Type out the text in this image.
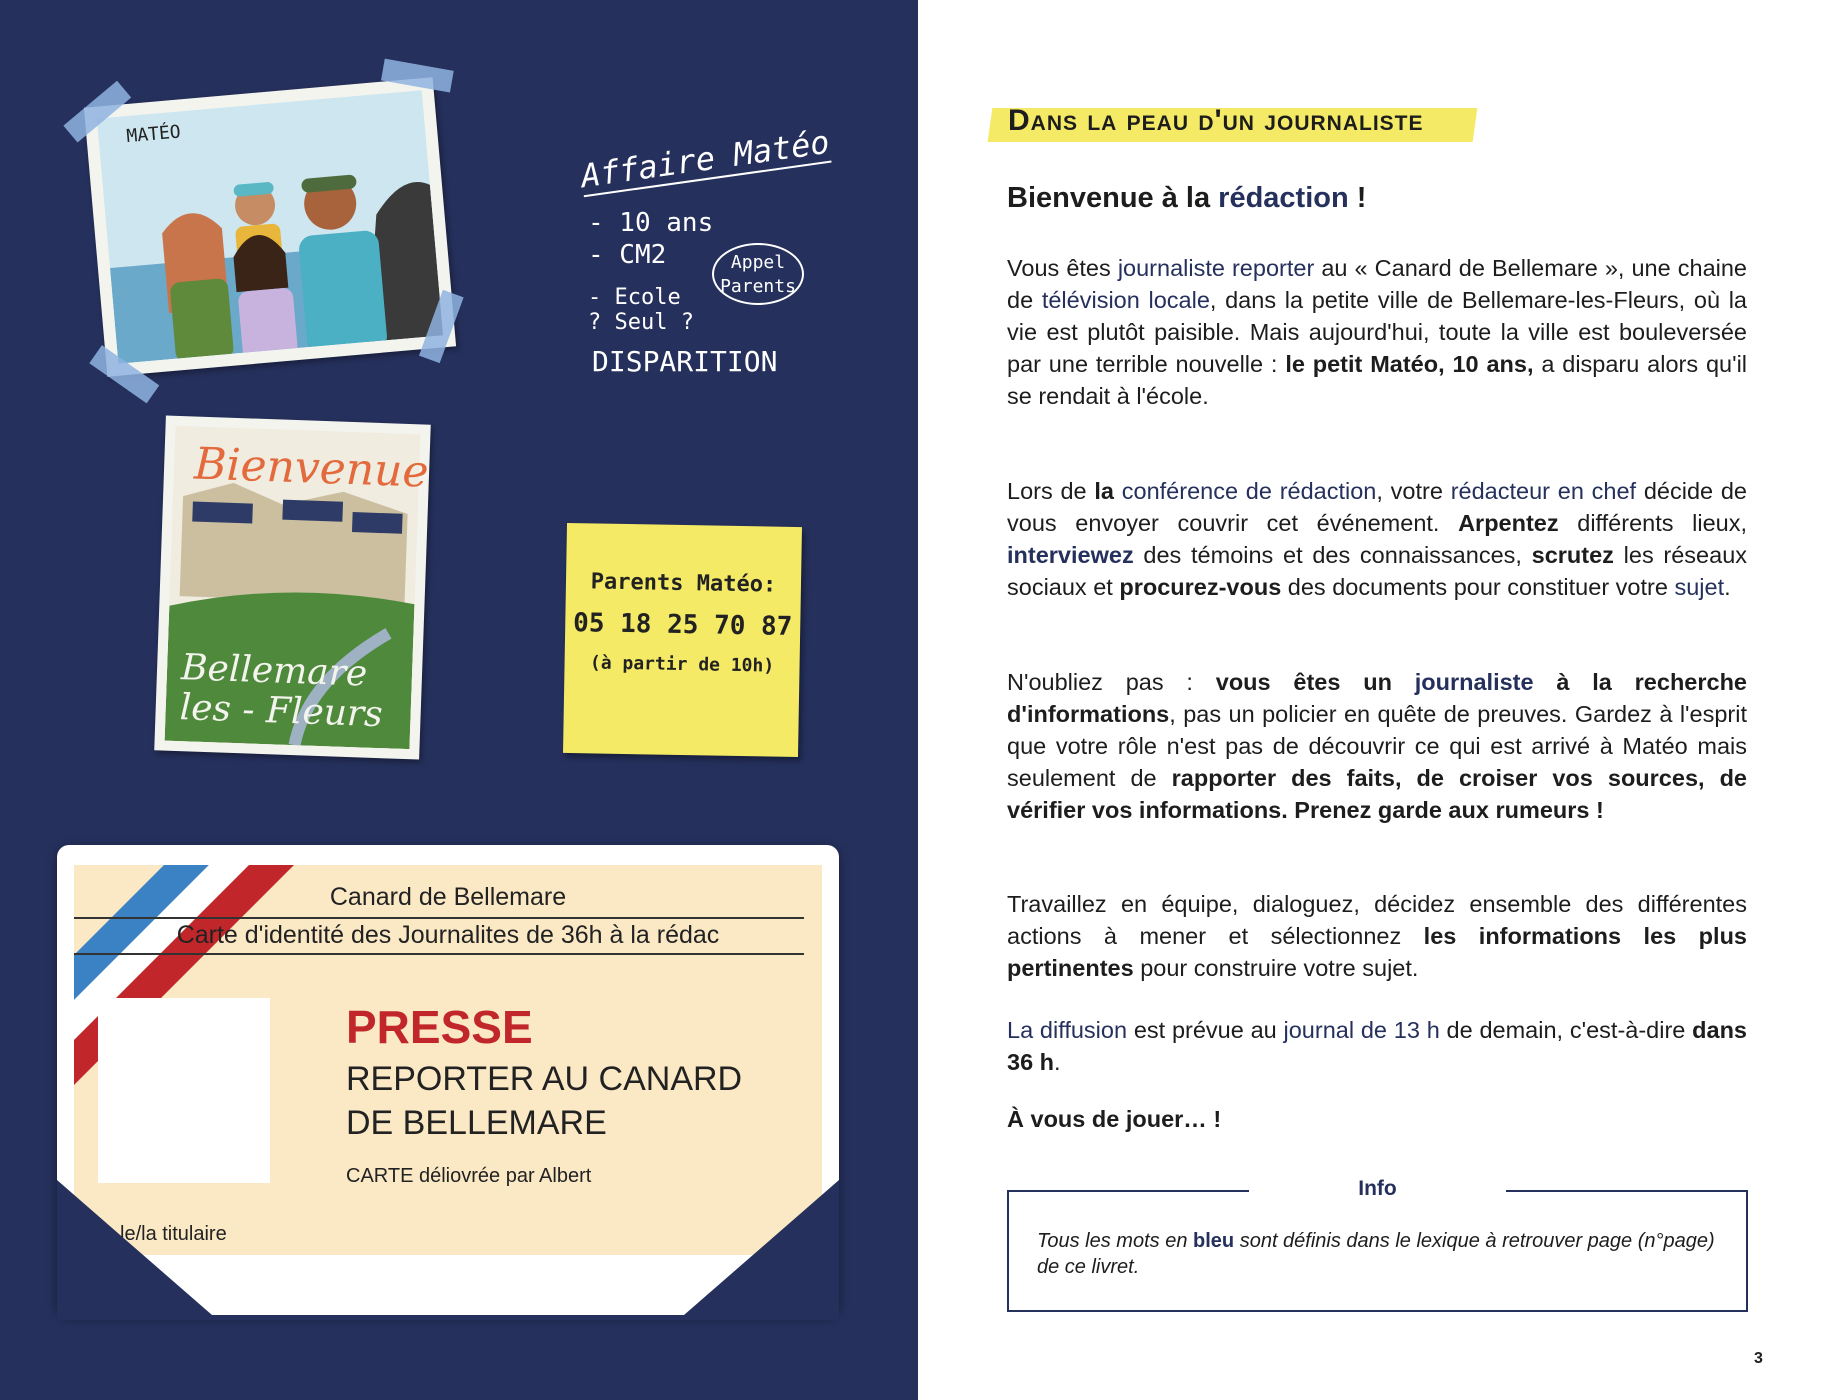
MATÉO	Affaire Matéo
- 10 ans
- CM2
- Ecole ? Seul ?
Appel Parents
DISPARITION
Bienvenue
Bellemare les - Fleurs
Parents Matéo:
05 18 25 70 87
(à partir de 10h)
Canard de Bellemare
Carte d'identité des Journalites de 36h à la rédac
le/la titulaire
PRESSE
REPORTER AU CANARD DE BELLEMARE
CARTE déliovrée par Albert
Dans la peau d'un journaliste
Bienvenue à la rédaction !
Vous êtes journaliste reporter au « Canard de Bellemare », une chaine de télévision locale, dans la petite ville de Bellemare-les-Fleurs, où la vie est plutôt paisible. Mais aujourd'hui, toute la ville est bouleversée par une terrible nouvelle : le petit Matéo, 10 ans, a disparu alors qu'il se rendait à l'école.
Lors de la conférence de rédaction, votre rédacteur en chef décide de vous envoyer couvrir cet événement. Arpentez différents lieux, interviewez des témoins et des connaissances, scrutez les réseaux sociaux et procurez-vous des documents pour constituer votre sujet.
N'oubliez pas : vous êtes un journaliste à la recherche d'informations, pas un policier en quête de preuves. Gardez à l'esprit que votre rôle n'est pas de découvrir ce qui est arrivé à Matéo mais seulement de rapporter des faits, de croiser vos sources, de vérifier vos informations. Prenez garde aux rumeurs !
Travaillez en équipe, dialoguez, décidez ensemble des différentes actions à mener et sélectionnez les informations les plus pertinentes pour construire votre sujet.
La diffusion est prévue au journal de 13 h de demain, c'est-à-dire dans 36 h.
À vous de jouer… !
Info
Tous les mots en bleu sont définis dans le lexique à retrouver page (n°page) de ce livret.
3
